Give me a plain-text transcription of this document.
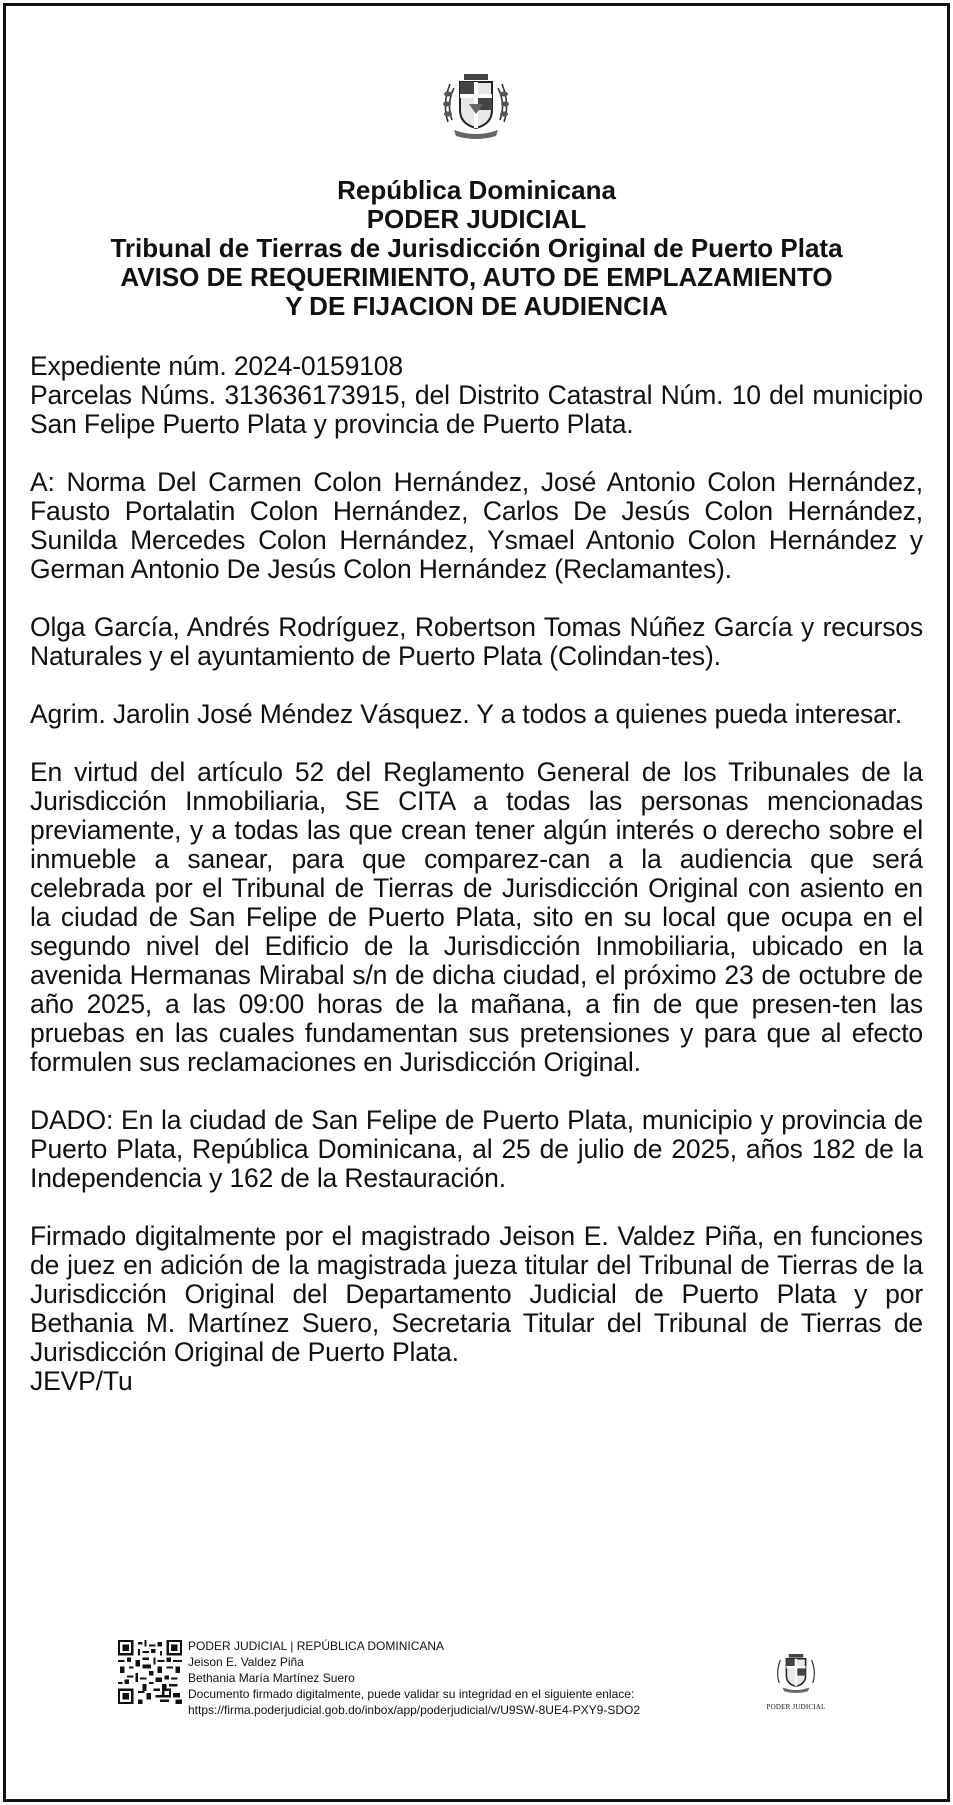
República Dominicana
PODER JUDICIAL
Tribunal de Tierras de Jurisdicción Original de Puerto Plata
AVISO DE REQUERIMIENTO, AUTO DE EMPLAZAMIENTO
Y DE FIJACION DE AUDIENCIA

Expediente núm. 2024-0159108
Parcelas Núms. 313636173915, del Distrito Catastral Núm. 10 del municipio San Felipe Puerto Plata y provincia de Puerto Plata.

A: Norma Del Carmen Colon Hernández, José Antonio Colon Hernández, Fausto Portalatin Colon Hernández, Carlos De Jesús Colon Hernández, Sunilda Mercedes Colon Hernández, Ysmael Antonio Colon Hernández y German Antonio De Jesús Colon Hernández (Reclamantes).

Olga García, Andrés Rodríguez, Robertson Tomas Núñez García y recursos Naturales y el ayuntamiento de Puerto Plata (Colindan-tes).

Agrim. Jarolin José Méndez Vásquez. Y a todos a quienes pueda interesar.

En virtud del artículo 52 del Reglamento General de los Tribunales de la Jurisdicción Inmobiliaria, SE CITA a todas las personas mencionadas previamente, y a todas las que crean tener algún interés o derecho sobre el inmueble a sanear, para que comparez-can a la audiencia que será celebrada por el Tribunal de Tierras de Jurisdicción Original con asiento en la ciudad de San Felipe de Puerto Plata, sito en su local que ocupa en el segundo nivel del Edificio de la Jurisdicción Inmobiliaria, ubicado en la avenida Hermanas Mirabal s/n de dicha ciudad, el próximo 23 de octubre de año 2025, a las 09:00 horas de la mañana, a fin de que presen-ten las pruebas en las cuales fundamentan sus pretensiones y para que al efecto formulen sus reclamaciones en Jurisdicción Original.

DADO: En la ciudad de San Felipe de Puerto Plata, municipio y provincia de Puerto Plata, República Dominicana, al 25 de julio de 2025, años 182 de la Independencia y 162 de la Restauración.

Firmado digitalmente por el magistrado Jeison E. Valdez Piña, en funciones de juez en adición de la magistrada jueza titular del Tribunal de Tierras de la Jurisdicción Original del Departamento Judicial de Puerto Plata y por Bethania M. Martínez Suero, Secretaria Titular del Tribunal de Tierras de Jurisdicción Original de Puerto Plata.
JEVP/Tu

PODER JUDICIAL | REPÚBLICA DOMINICANA
Jeison E. Valdez Piña
Bethania María Martínez Suero
Documento firmado digitalmente, puede validar su integridad en el siguiente enlace:
https://firma.poderjudicial.gob.do/inbox/app/poderjudicial/v/U9SW-8UE4-PXY9-SDO2	PODER JUDICIAL
